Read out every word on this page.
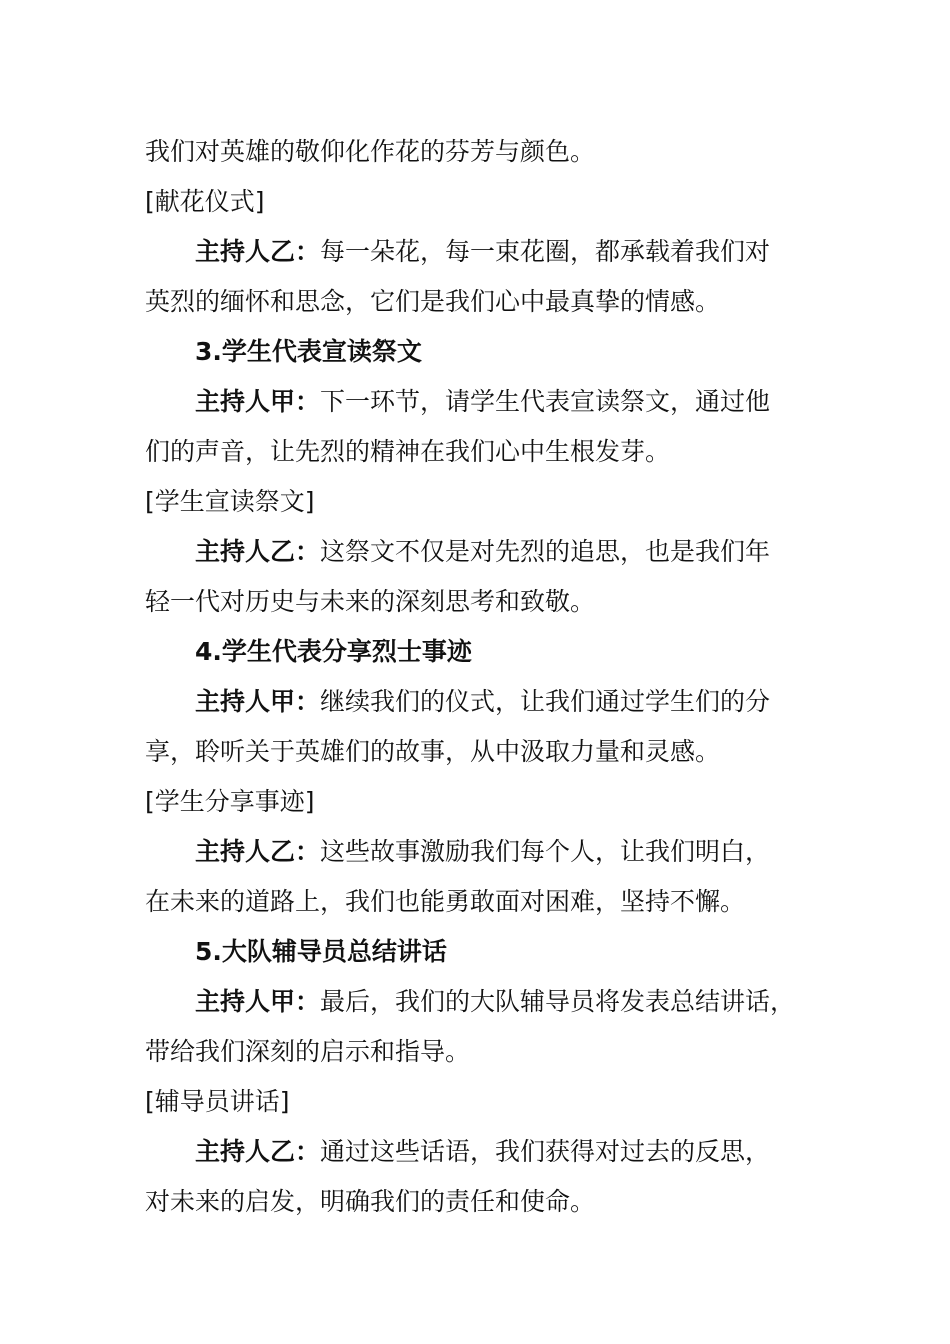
我们对英雄的敬仰化作花的芬芳与颜色。
[献花仪式]
主持人乙：每一朵花，每一束花圈，都承载着我们对
英烈的缅怀和思念，它们是我们心中最真挚的情感。
3.学生代表宣读祭文
主持人甲：下一环节，请学生代表宣读祭文，通过他
们的声音，让先烈的精神在我们心中生根发芽。
[学生宣读祭文]
主持人乙：这祭文不仅是对先烈的追思，也是我们年
轻一代对历史与未来的深刻思考和致敬。
4.学生代表分享烈士事迹
主持人甲：继续我们的仪式，让我们通过学生们的分
享，聆听关于英雄们的故事，从中汲取力量和灵感。
[学生分享事迹]
主持人乙：这些故事激励我们每个人，让我们明白，
在未来的道路上，我们也能勇敢面对困难，坚持不懈。
5.大队辅导员总结讲话
主持人甲：最后，我们的大队辅导员将发表总结讲话，
带给我们深刻的启示和指导。
[辅导员讲话]
主持人乙：通过这些话语，我们获得对过去的反思，
对未来的启发，明确我们的责任和使命。
